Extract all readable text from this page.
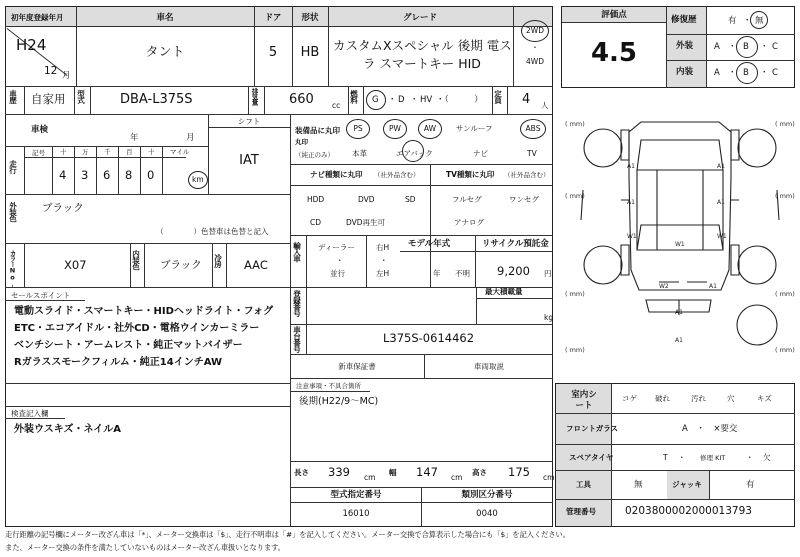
初年度登録年月
H24
12 月
車名
タント
ドア
5
形状
HB
グレード
カスタムXスペシャル 後期 電ス
ラ スマートキー HID
2WD
・
4WD
車歴 自家用 型式	DBA-L375S	排気量 660 cc
燃料 G ・ D ・ HV ・（　　　） 定員 4 人
車検
年	月
シフト
IAT
走行
記号 十 万 千 百 十 マイル
4 3 6 8 0	km
外装色 ブラック
（　　　　）色替車は色替と記入
カラーNo.	X07	内装色 ブラック 冷房 AAC
セールスポイント
電動スライド・スマートキー・HIDヘッドライト・フォグ
ETC・エコアイドル・社外CD・電格ウインカーミラー
ベンチシート・アームレスト・純正マットバイザー
Rガラススモークフィルム・純正14インチAW
検査記入欄
外装ウスキズ・ネイルA
装備品に丸印
（純正のみ）
丸印
PS	PW	AW	サンルーフ	ABS
本革	エアバック	ナビ	TV
ナビ種類に丸印 （社外品含む）
HDD	DVD	SD
CD	DVD再生可
TV種類に丸印 （社外品含む）
フルセグ	ワンセグ
アナログ
輸入車 ディーラー
・
並行
右H
・
左H
モデル年式
年 不明
リサイクル預託金
9,200 円
登録番号	最大積載量
kg
車台番号	L375S-0614462
新車保証書	車両取説
注意事項・不具合箇所
後期(H22/9〜MC)
長さ 339 cm
幅 147 cm
高さ 175 cm
型式指定番号
16010
類別区分番号
0040
評価点
4.5
修復歴	有 ・ 無
外装 A ・ B ・ C
内装 A ・ B ・ C
A1	A1
A1	A1
W1
W1
W1
W2	A1
A1
A1
( mm)	( mm)
( mm)	( mm)
( mm)	( mm)
( mm)	( mm)
室内シート
コゲ 破れ	汚れ	穴	キズ
フロントガラス	A　・　×要交
スペアタイヤ	T ・ 修理 KIT	・ 欠
工具	無	ジャッキ	有
管理番号	0203800002000013793
走行距離の記号欄にメーター改ざん車は「*」、メーター交換車は「$」、走行不明車は「#」を記入してください。メーター交換で合算表示した場合にも「$」を記入ください。
また、メーター交換の条件を満たしていないものはメーター改ざん車扱いとなります。
